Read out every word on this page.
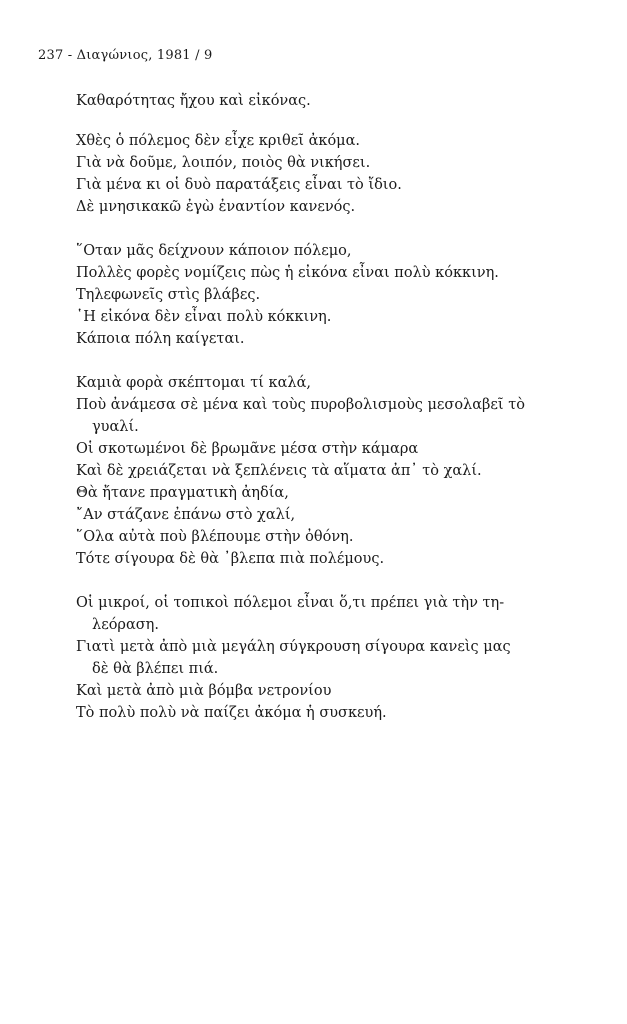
237 - Διαγώνιος, 1981 / 9
Καθαρότητας ἤχου καὶ εἰκόνας.
Χθὲς ὁ πόλεμος δὲν εἶχε κριθεῖ ἀκόμα.
Γιὰ νὰ δοῦμε, λοιπόν, ποιὸς θὰ νικήσει.
Γιὰ μένα κι οἱ δυὸ παρατάξεις εἶναι τὸ ἴδιο.
Δὲ μνησικακῶ ἐγὼ ἐναντίον κανενός.
῞Οταν μᾶς δείχνουν κάποιον πόλεμο,
Πολλὲς φορὲς νομίζεις πὼς ἡ εἰκόνα εἶναι πολὺ κόκκινη.
Τηλεφωνεῖς στὶς βλάβες.
῾Η εἰκόνα δὲν εἶναι πολὺ κόκκινη.
Κάποια πόλη καίγεται.
Καμιὰ φορὰ σκέπτομαι τί καλά,
Ποὺ ἀνάμεσα σὲ μένα καὶ τοὺς πυροβολισμοὺς μεσολαβεῖ τὸ
γυαλί.
Οἱ σκοτωμένοι δὲ βρωμᾶνε μέσα στὴν κάμαρα
Καὶ δὲ χρειάζεται νὰ ξεπλένεις τὰ αἵματα ἀπ᾽ τὸ χαλί.
Θὰ ἤτανε πραγματικὴ ἀηδία,
῎Αν στάζανε ἐπάνω στὸ χαλί,
῞Ολα αὐτὰ ποὺ βλέπουμε στὴν ὀθόνη.
Τότε σίγουρα δὲ θὰ ᾽βλεπα πιὰ πολέμους.
Οἱ μικροί, οἱ τοπικοὶ πόλεμοι εἶναι ὅ,τι πρέπει γιὰ τὴν τη-
λεόραση.
Γιατὶ μετὰ ἀπὸ μιὰ μεγάλη σύγκρουση σίγουρα κανεὶς μας
δὲ θὰ βλέπει πιά.
Καὶ μετὰ ἀπὸ μιὰ βόμβα νετρονίου
Τὸ πολὺ πολὺ νὰ παίζει ἀκόμα ἡ συσκευή.
